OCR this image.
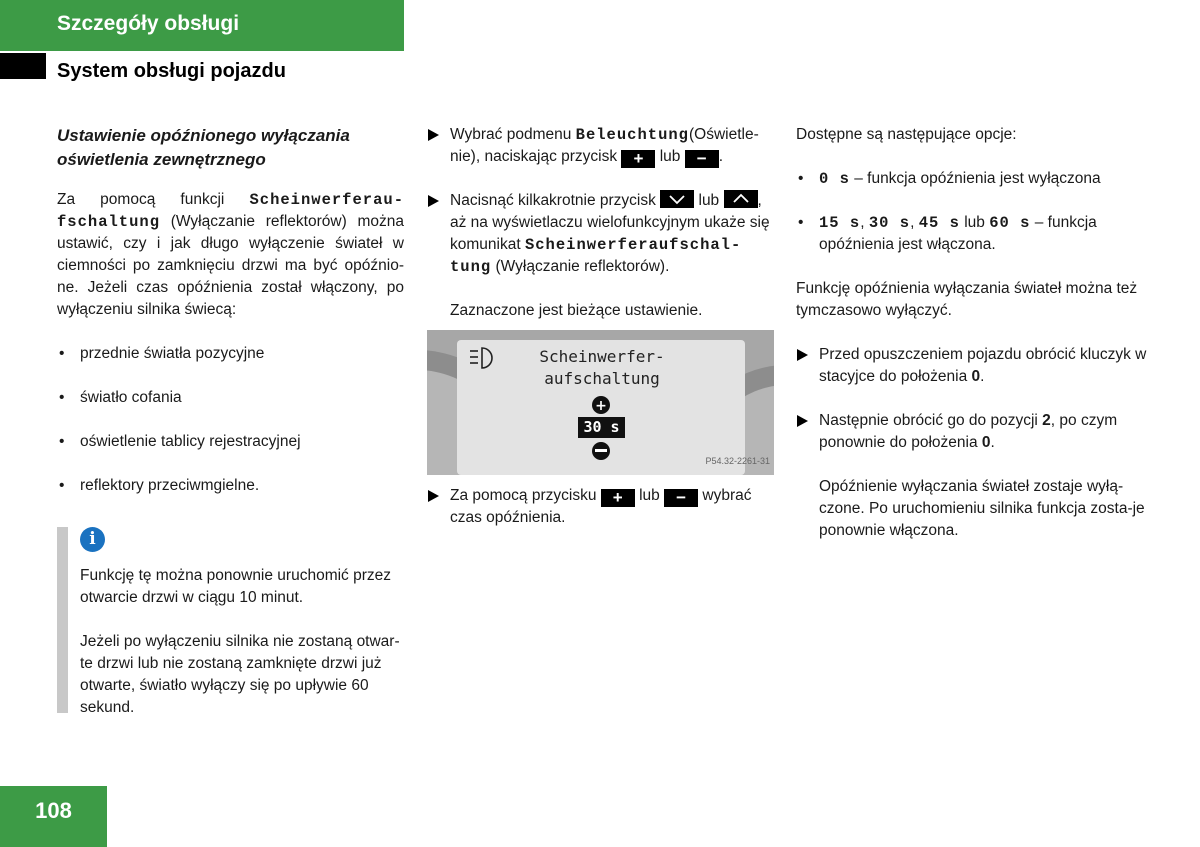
Szczegóły obsługi
System obsługi pojazdu
Ustawienie opóźnionego wyłączania oświetlenia zewnętrznego

Za pomocą funkcji Scheinwerferau-fschaltung (Wyłączanie reflektorów) można ustawić, czy i jak długo wyłączenie świateł w ciemności po zamknięciu drzwi ma być opóźnio-ne. Jeżeli czas opóźnienia został włączony, po wyłączeniu silnika świecą:

• przednie światła pozycyjne
• światło cofania
• oświetlenie tablicy rejestracyjnej
• reflektory przeciwmgielne.
i

Funkcję tę można ponownie uruchomić przez otwarcie drzwi w ciągu 10 minut.

Jeżeli po wyłączeniu silnika nie zostaną otwar-te drzwi lub nie zostaną zamknięte drzwi już otwarte, światło wyłączy się po upływie 60 sekund.

Wybrać podmenu Beleuchtung(Oświetle-nie), naciskając przycisk + lub − .
Nacisnąć kilkakrotnie przycisk  lub , aż na wyświetlaczu wielofunkcyjnym ukaże się komunikat Scheinwerferaufschal-tung (Wyłączanie reflektorów).

Zaznaczone jest bieżące ustawienie.

+
Scheinwerfer-
aufschaltung
30 s
P54.32-2261-31
Za pomocą przycisku + lub − wybrać czas opóźnienia.

Dostępne są następujące opcje:

• 0 s – funkcja opóźnienia jest wyłączona
• 15 s, 30 s, 45 s lub 60 s – funkcja opóźnienia jest włączona.

Funkcję opóźnienia wyłączania świateł można też tymczasowo wyłączyć.

Przed opuszczeniem pojazdu obrócić kluczyk w stacyjce do położenia 0.
Następnie obrócić go do pozycji 2, po czym ponownie do położenia 0.

Opóźnienie wyłączania świateł zostaje wyłą-czone. Po uruchomieniu silnika funkcja zosta-je ponownie włączona.

108
